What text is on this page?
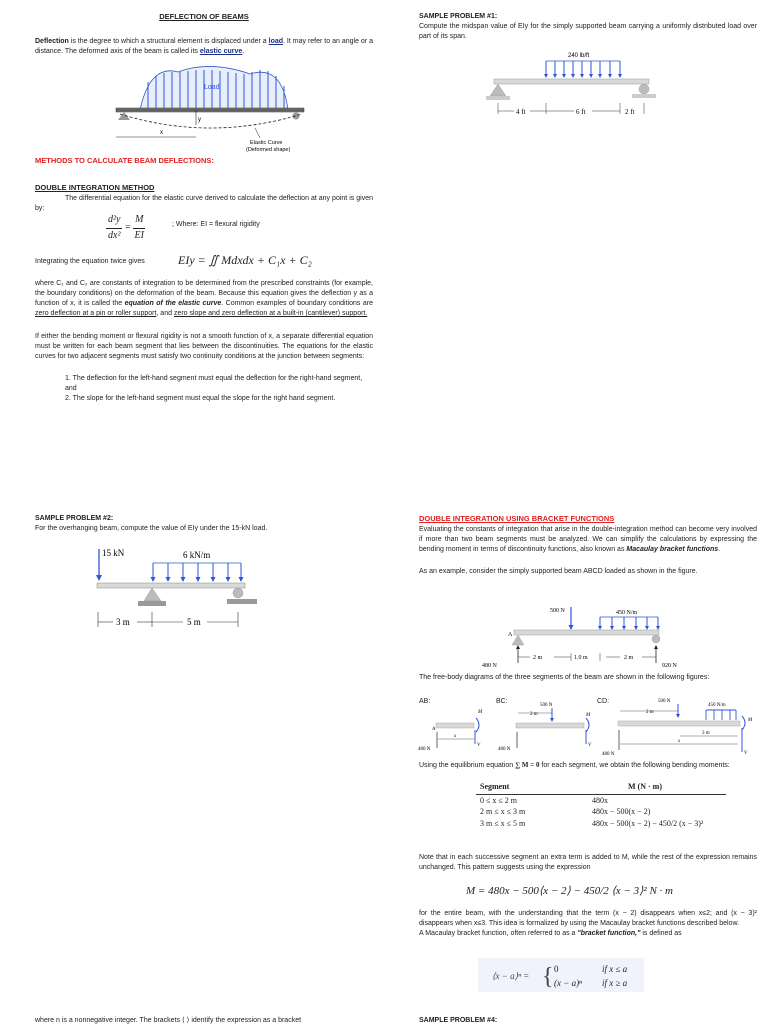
DEFLECTION OF BEAMS

Deflection is the degree to which a structural element is displaced under a load. It may refer to an angle or a distance. The deformed axis of the beam is called its elastic curve.

Load
y
x
Elastic Curve
(Deformed shape)
METHODS TO CALCULATE BEAM DEFLECTIONS:
DOUBLE INTEGRATION METHOD

The differential equation for the elastic curve derived to calculate the deflection at any point is given by:

$\frac{\text{d²y}}{\text{dx²}} = \frac{M}{EI}$	; Where: EI = flexural rigidity
Integrating the equation twice gives	EIy = ∬ Mdxdx + C₁x + C₂

where C₁ and C₂ are constants of integration to be determined from the prescribed constraints (for example, the boundary conditions) on the deformation of the beam. Because this equation gives the deflection y as a function of x, it is called the equation of the elastic curve. Common examples of boundary conditions are zero deflection at a pin or roller support, and zero slope and zero deflection at a built-in (cantilever) support.

If either the bending moment or flexural rigidity is not a smooth function of x, a separate differential equation must be written for each beam segment that lies between the discontinuities. The equations for the elastic curves for two adjacent segments must satisfy two continuity conditions at the junction between segments:

1. The deflection for the left-hand segment must equal the deflection for the right-hand segment, and
2. The slope for the left-hand segment must equal the slope for the right hand segment.
SAMPLE PROBLEM #2:
For the overhanging beam, compute the value of EIy under the 15-kN load.
15 kN	6 kN/m
3 m	5 m
where n is a nonnegative integer. The brackets ⟨ ⟩ identify the expression as a bracket
SAMPLE PROBLEM #1:

Compute the midspan value of EIy for the simply supported beam carrying a uniformly distributed load over part of its span.

240 lb/ft
4 ft	6 ft	2 ft
DOUBLE INTEGRATION USING BRACKET FUNCTIONS

Evaluating the constants of integration that arise in the double-integration method can become very involved if more than two beam segments must be analyzed. We can simplify the calculations by expressing the bending moment in terms of discontinuity functions, also known as Macaulay bracket functions.

As an example, consider the simply supported beam ABCD loaded as shown in the figure.

500 N	450 N/m
A
480 N	920 N
2 m	1.0 m	2 m
The free-body diagrams of the three segments of the beam are shown in the following figures:
AB:	BC:	CD:
A
M
V
480 N
x
500 N
2 m	M
V
480 N
500 N
450 N/m
2 m
M
V
480 N
3 m
x
Using the equilibrium equation ∑ M = 0 for each segment, we obtain the following bending moments:
Segment	M (N · m)
0 ≤ x ≤ 2 m	480x
2 m ≤ x ≤ 3 m	480x − 500(x − 2)
3 m ≤ x ≤ 5 m	480x − 500(x − 2) − 450/2 (x − 3)²

Note that in each successive segment an extra term is added to M, while the rest of the expression remains unchanged. This pattern suggests using the expression

M = 480x − 500⟨x − 2⟩ − 450/2 ⟨x − 3⟩² N · m

for the entire beam, with the understanding that the term (x − 2) disappears when x≤2; and (x − 3)² disappears when x≤3. This idea is formalized by using the Macaulay bracket functions described below.

A Macaulay bracket function, often referred to as a "bracket function," is defined as

⟨x − a⟩ⁿ = { 0	if x ≤ a
(x − a)ⁿ if x ≥ a
SAMPLE PROBLEM #4:
